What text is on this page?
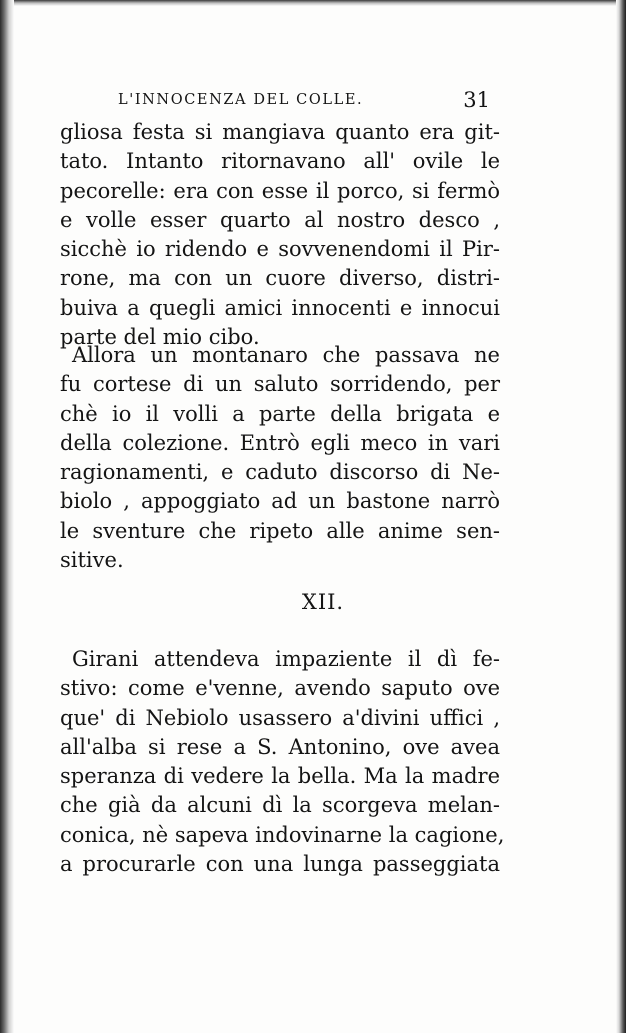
L'INNOCENZA DEL COLLE.	31
gliosa festa si mangiava quanto era git-
tato. Intanto ritornavano all' ovile le
pecorelle: era con esse il porco, si fermò
e volle esser quarto al nostro desco ,
sicchè io ridendo e sovvenendomi il Pir-
rone, ma con un cuore diverso, distri-
buiva a quegli amici innocenti e innocui
parte del mio cibo.
Allora un montanaro che passava ne
fu cortese di un saluto sorridendo, per
chè io il volli a parte della brigata e
della colezione. Entrò egli meco in vari
ragionamenti, e caduto discorso di Ne-
biolo , appoggiato ad un bastone narrò
le sventure che ripeto alle anime sen-
sitive.
XII.
Girani attendeva impaziente il dì fe-
stivo: come e'venne, avendo saputo ove
que' di Nebiolo usassero a'divini uffici ,
all'alba si rese a S. Antonino, ove avea
speranza di vedere la bella. Ma la madre
che già da alcuni dì la scorgeva melan-
conica, nè sapeva indovinarne la cagione,
a procurarle con una lunga passeggiata
